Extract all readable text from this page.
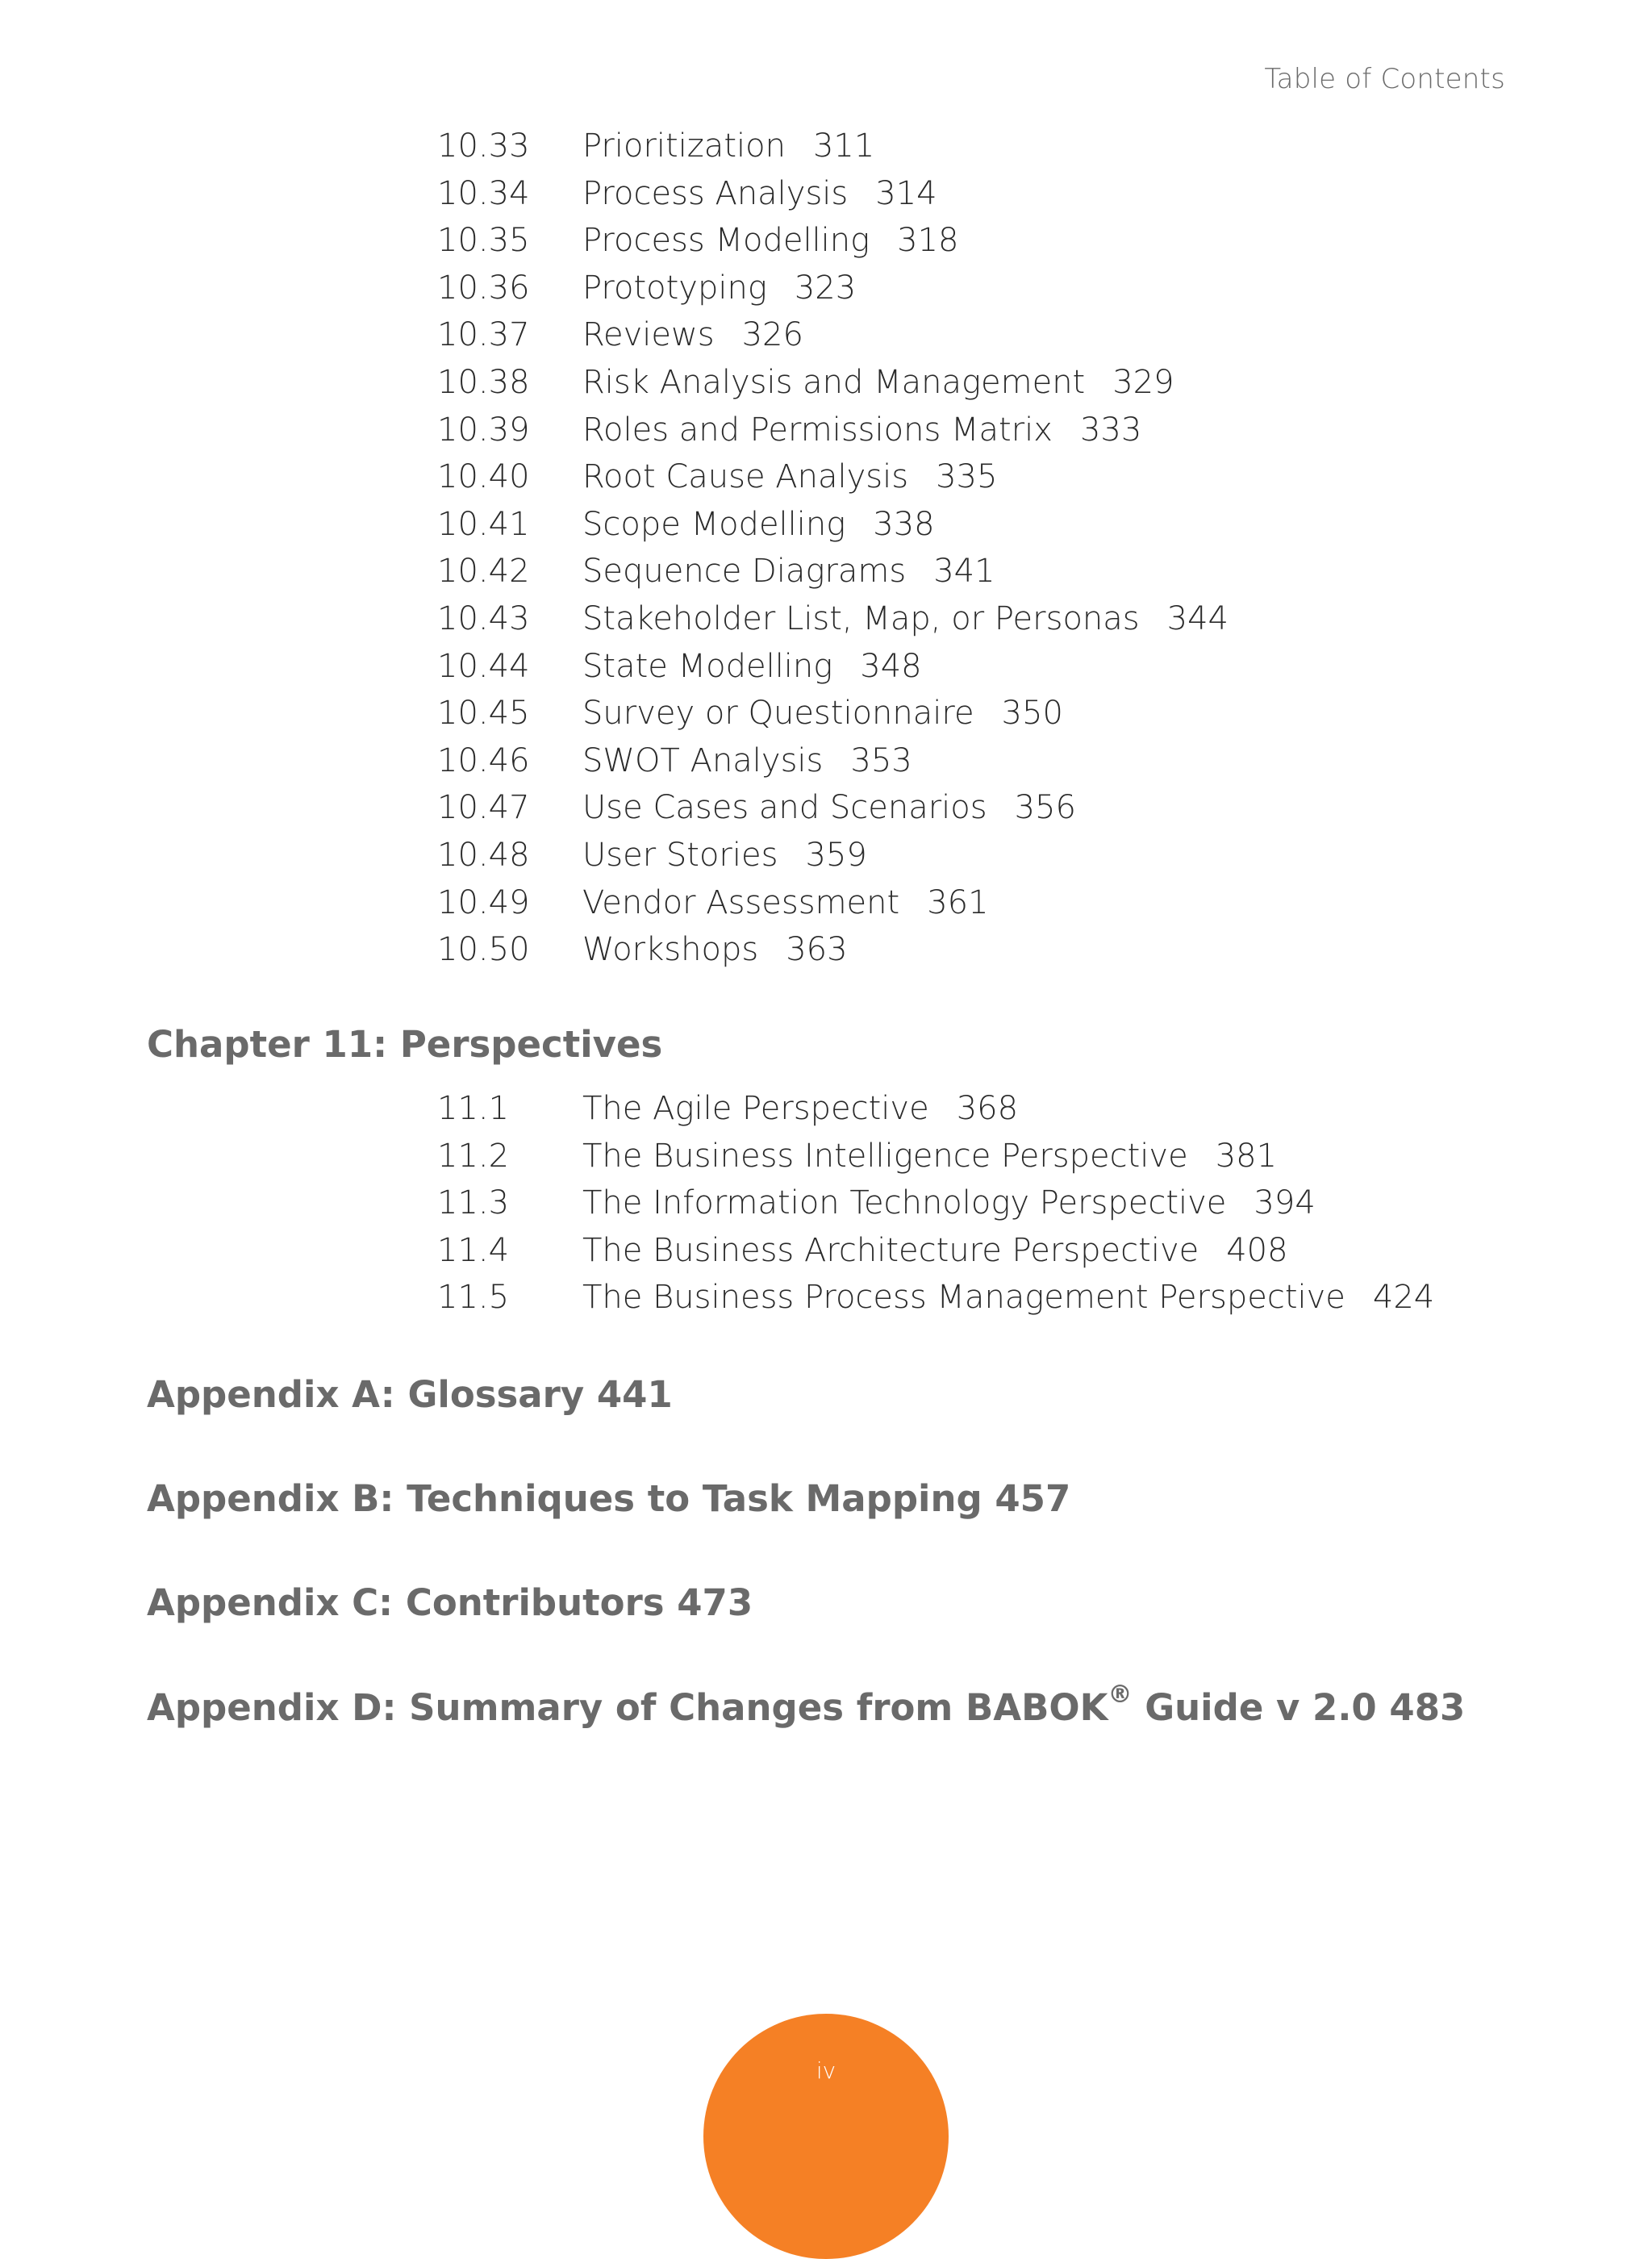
Table of Contents
10.33	Prioritization 311
10.34	Process Analysis 314
10.35	Process Modelling 318
10.36	Prototyping 323
10.37	Reviews 326
10.38	Risk Analysis and Management 329
10.39	Roles and Permissions Matrix 333
10.40	Root Cause Analysis 335
10.41	Scope Modelling 338
10.42	Sequence Diagrams 341
10.43	Stakeholder List, Map, or Personas 344
10.44	State Modelling 348
10.45	Survey or Questionnaire 350
10.46	SWOT Analysis 353
10.47	Use Cases and Scenarios 356
10.48	User Stories 359
10.49	Vendor Assessment 361
10.50	Workshops 363
Chapter 11: Perspectives
11.1	The Agile Perspective 368
11.2	The Business Intelligence Perspective 381
11.3	The Information Technology Perspective 394
11.4	The Business Architecture Perspective 408
11.5	The Business Process Management Perspective 424
Appendix A: Glossary 441
Appendix B: Techniques to Task Mapping 457
Appendix C: Contributors 473
Appendix D: Summary of Changes from BABOK® Guide v 2.0 483
iv
